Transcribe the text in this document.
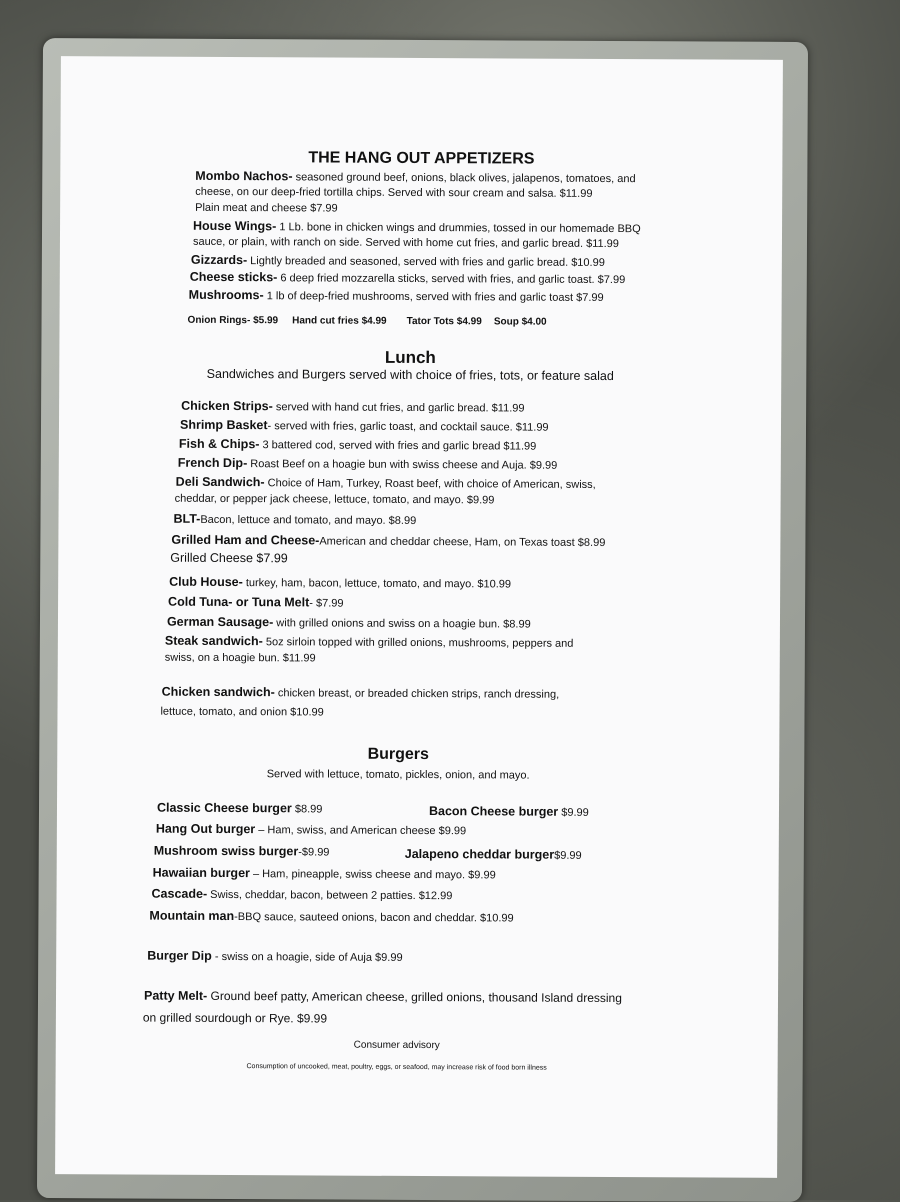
THE HANG OUT APPETIZERS
Mombo Nachos- seasoned ground beef, onions, black olives, jalapenos, tomatoes, and
cheese, on our deep-fried tortilla chips. Served with sour cream and salsa. $11.99
Plain meat and cheese $7.99
House Wings- 1 Lb. bone in chicken wings and drummies, tossed in our homemade BBQ
sauce, or plain, with ranch on side. Served with home cut fries, and garlic bread. $11.99
Gizzards- Lightly breaded and seasoned, served with fries and garlic bread. $10.99
Cheese sticks- 6 deep fried mozzarella sticks, served with fries, and garlic toast. $7.99
Mushrooms- 1 lb of deep-fried mushrooms, served with fries and garlic toast $7.99
Onion Rings- $5.99 Hand cut fries $4.99 Tator Tots $4.99 Soup $4.00
Lunch
Sandwiches and Burgers served with choice of fries, tots, or feature salad
Chicken Strips- served with hand cut fries, and garlic bread. $11.99
Shrimp Basket- served with fries, garlic toast, and cocktail sauce. $11.99
Fish & Chips- 3 battered cod, served with fries and garlic bread $11.99
French Dip- Roast Beef on a hoagie bun with swiss cheese and Auja. $9.99
Deli Sandwich- Choice of Ham, Turkey, Roast beef, with choice of American, swiss,
cheddar, or pepper jack cheese, lettuce, tomato, and mayo. $9.99
BLT-Bacon, lettuce and tomato, and mayo. $8.99
Grilled Ham and Cheese-American and cheddar cheese, Ham, on Texas toast $8.99
Grilled Cheese $7.99
Club House- turkey, ham, bacon, lettuce, tomato, and mayo. $10.99
Cold Tuna- or Tuna Melt- $7.99
German Sausage- with grilled onions and swiss on a hoagie bun. $8.99
Steak sandwich- 5oz sirloin topped with grilled onions, mushrooms, peppers and
swiss, on a hoagie bun. $11.99
Chicken sandwich- chicken breast, or breaded chicken strips, ranch dressing,
lettuce, tomato, and onion $10.99
Burgers
Served with lettuce, tomato, pickles, onion, and mayo.
Classic Cheese burger $8.99	Bacon Cheese burger $9.99
Hang Out burger – Ham, swiss, and American cheese $9.99
Mushroom swiss burger-$9.99	Jalapeno cheddar burger$9.99
Hawaiian burger – Ham, pineapple, swiss cheese and mayo. $9.99
Cascade- Swiss, cheddar, bacon, between 2 patties. $12.99
Mountain man-BBQ sauce, sauteed onions, bacon and cheddar. $10.99
Burger Dip - swiss on a hoagie, side of Auja $9.99
Patty Melt- Ground beef patty, American cheese, grilled onions, thousand Island dressing
on grilled sourdough or Rye. $9.99
Consumer advisory
Consumption of uncooked, meat, poultry, eggs, or seafood, may increase risk of food born illness
